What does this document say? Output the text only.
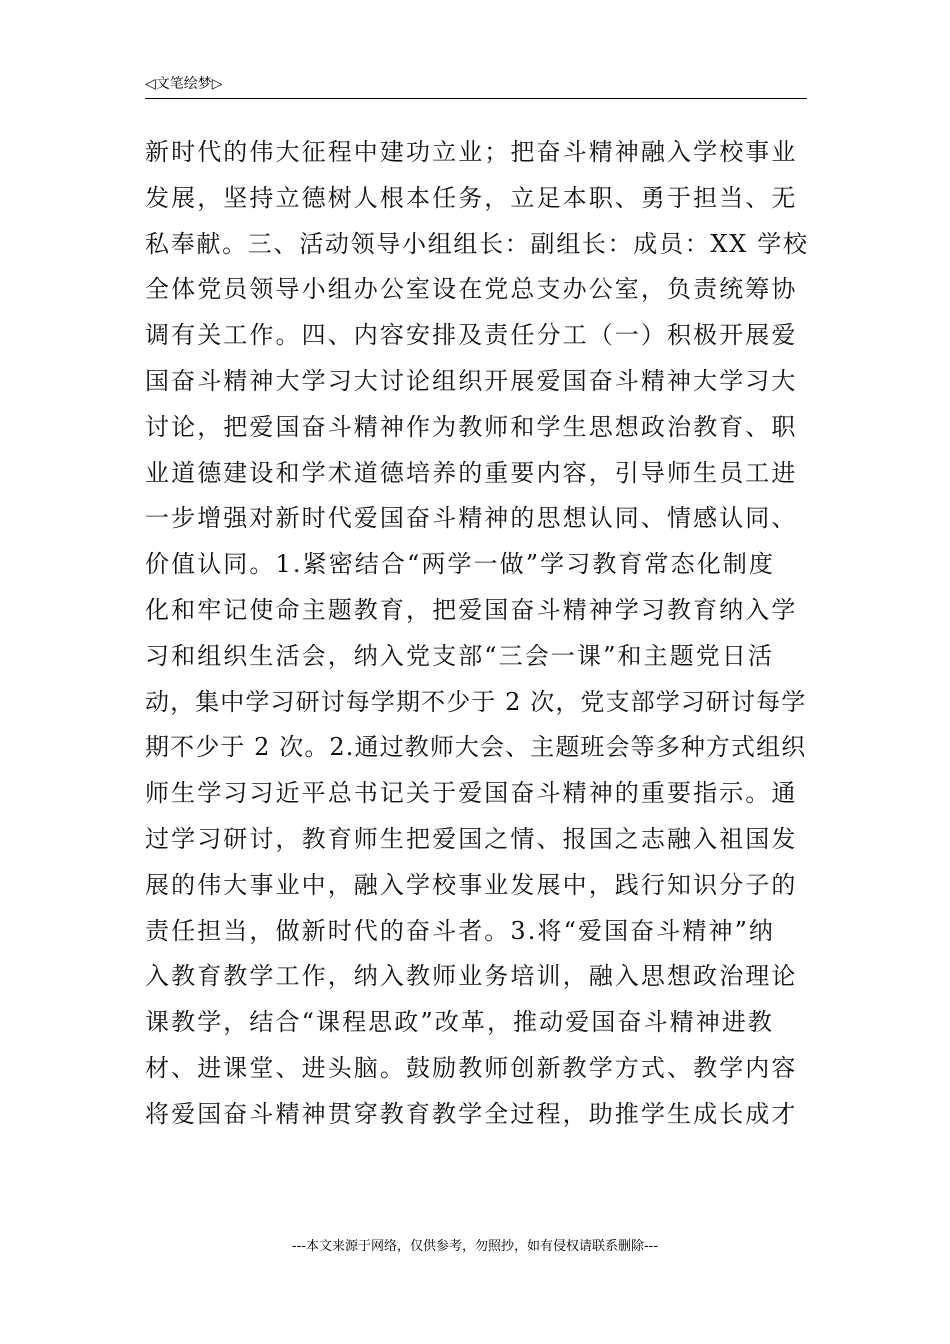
◁文笔绘梦▷
新时代的伟大征程中建功立业；把奋斗精神融入学校事业
发展，坚持立德树人根本任务，立足本职、勇于担当、无
私奉献。三、活动领导小组组长：副组长：成员：XX 学校
全体党员领导小组办公室设在党总支办公室，负责统筹协
调有关工作。四、内容安排及责任分工（一）积极开展爱
国奋斗精神大学习大讨论组织开展爱国奋斗精神大学习大
讨论，把爱国奋斗精神作为教师和学生思想政治教育、职
业道德建设和学术道德培养的重要内容，引导师生员工进
一步增强对新时代爱国奋斗精神的思想认同、情感认同、
价值认同。1.紧密结合“两学一做”学习教育常态化制度
化和牢记使命主题教育，把爱国奋斗精神学习教育纳入学
习和组织生活会，纳入党支部“三会一课”和主题党日活
动，集中学习研讨每学期不少于 2 次，党支部学习研讨每学
期不少于 2 次。2.通过教师大会、主题班会等多种方式组织
师生学习习近平总书记关于爱国奋斗精神的重要指示。通
过学习研讨，教育师生把爱国之情、报国之志融入祖国发
展的伟大事业中，融入学校事业发展中，践行知识分子的
责任担当，做新时代的奋斗者。3.将“爱国奋斗精神”纳
入教育教学工作，纳入教师业务培训，融入思想政治理论
课教学，结合“课程思政”改革，推动爱国奋斗精神进教
材、进课堂、进头脑。鼓励教师创新教学方式、教学内容
将爱国奋斗精神贯穿教育教学全过程，助推学生成长成才
---本文来源于网络，仅供参考，勿照抄，如有侵权请联系删除---
